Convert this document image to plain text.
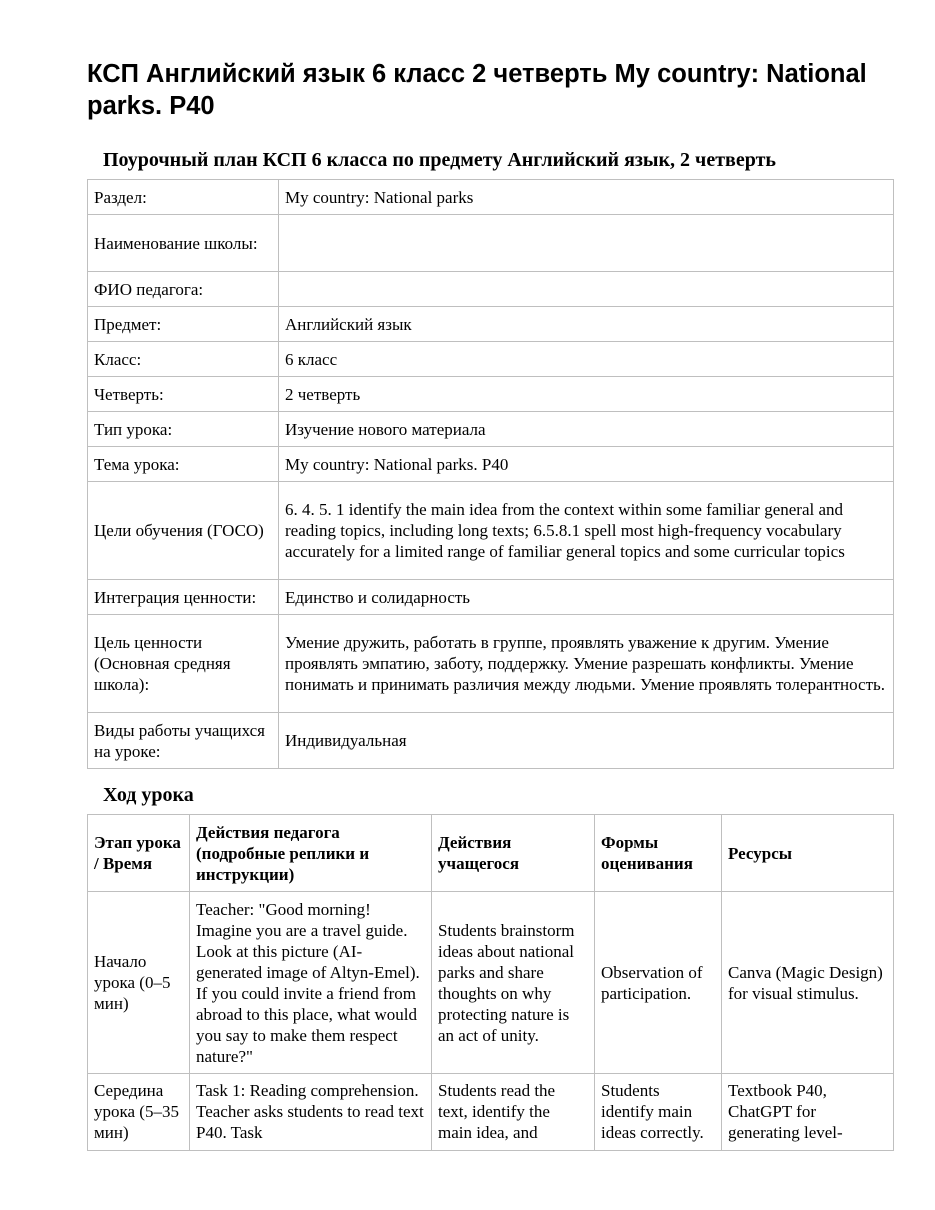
КСП Английский язык 6 класс 2 четверть My country: National parks. P40
Поурочный план КСП 6 класса по предмету Английский язык, 2 четверть
Раздел:	My country: National parks
Наименование школы:	
ФИО педагога:	
Предмет:	Английский язык
Класс:	6 класс
Четверть:	2 четверть
Тип урока:	Изучение нового материала
Тема урока:	My country: National parks. P40
Цели обучения (ГОСО)	6. 4. 5. 1 identify the main idea from the context within some familiar general and reading topics, including long texts; 6.5.8.1 spell most high-frequency vocabulary accurately for a limited range of familiar general topics and some curricular topics
Интеграция ценности:	Единство и солидарность
Цель ценности (Основная средняя школа):	Умение дружить, работать в группе, проявлять уважение к другим. Умение проявлять эмпатию, заботу, поддержку. Умение разрешать конфликты. Умение понимать и принимать различия между людьми. Умение проявлять толерантность.
Виды работы учащихся на уроке:	Индивидуальная
Ход урока
Этап урока / Время	Действия педагога (подробные реплики и инструкции)	Действия учащегося	Формы оценивания	Ресурсы
Начало урока (0–5 мин)	Teacher: "Good morning! Imagine you are a travel guide. Look at this picture (AI-generated image of Altyn-Emel). If you could invite a friend from abroad to this place, what would you say to make them respect nature?"	Students brainstorm ideas about national parks and share thoughts on why protecting nature is an act of unity.	Observation of participation.	Canva (Magic Design) for visual stimulus.
Середина урока (5–35 мин)	Task 1: Reading comprehension. Teacher asks students to read text P40. Task	Students read the text, identify the main idea, and	Students identify main ideas correctly.	Textbook P40, ChatGPT for generating level-
